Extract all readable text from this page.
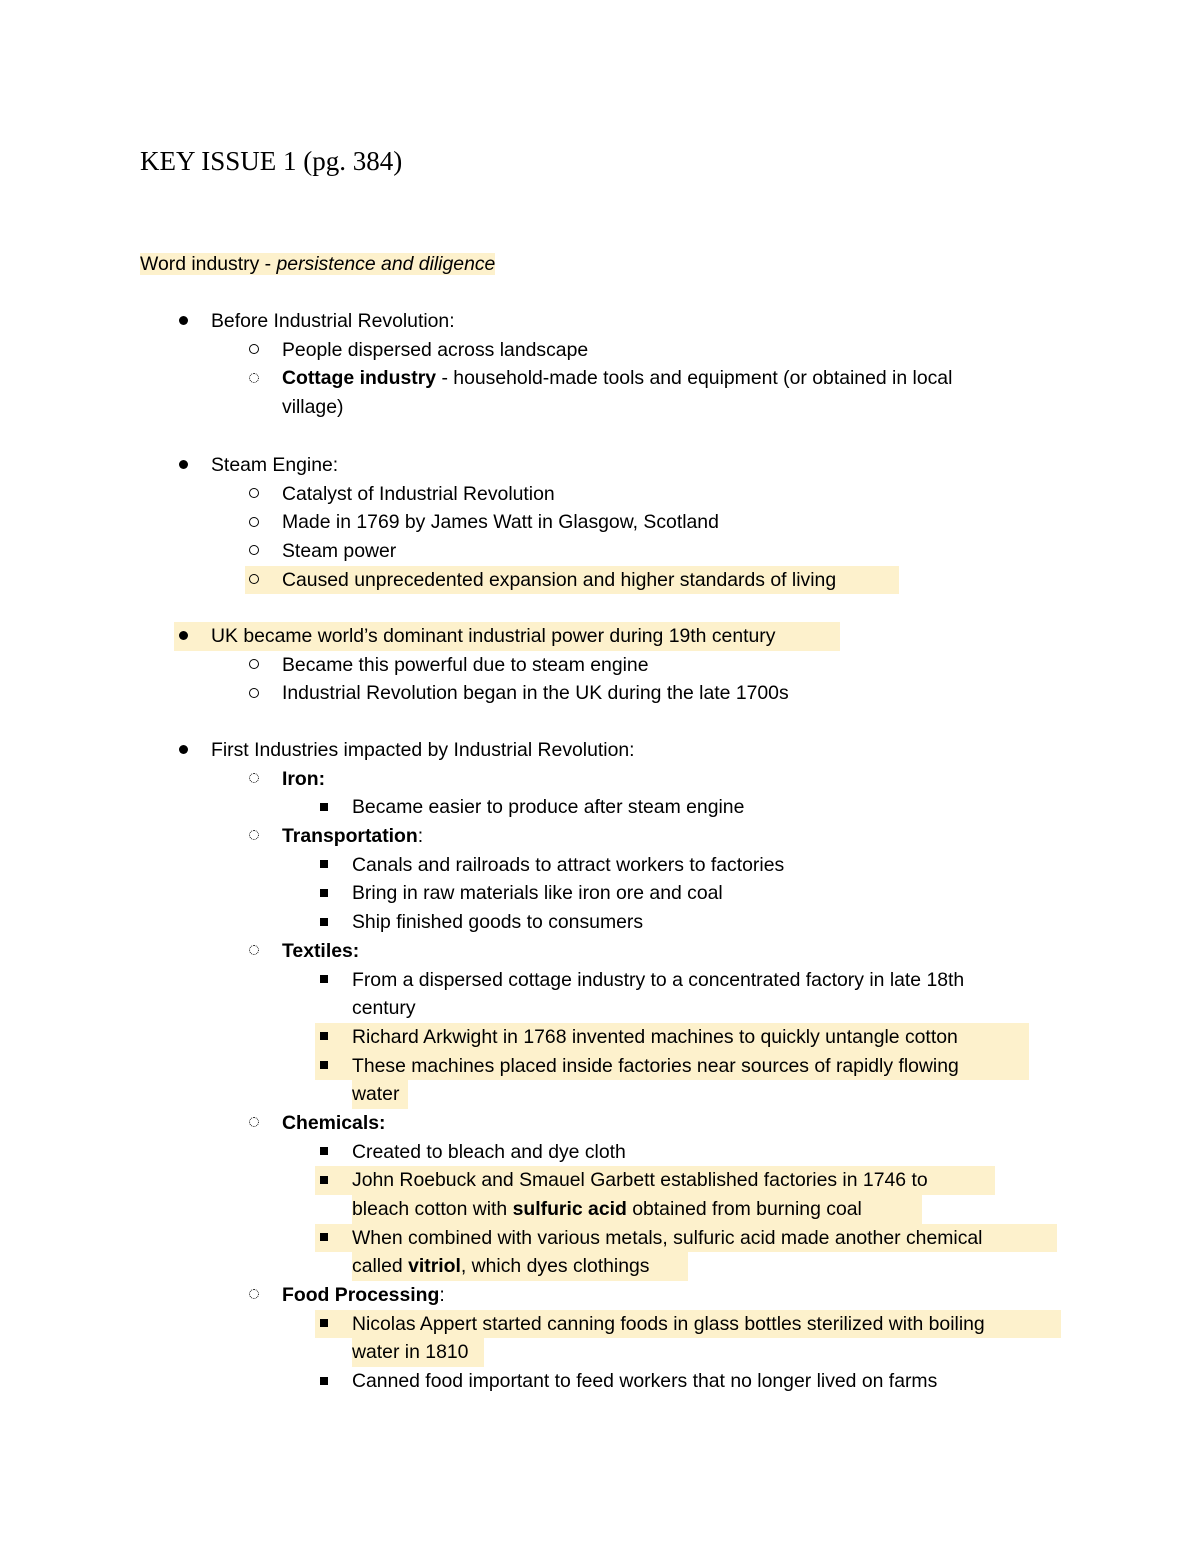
KEY ISSUE 1 (pg. 384)
Word industry - persistence and diligence
Before Industrial Revolution:
People dispersed across landscape
Cottage industry - household-made tools and equipment (or obtained in local
village)
Steam Engine:
Catalyst of Industrial Revolution
Made in 1769 by James Watt in Glasgow, Scotland
Steam power
Caused unprecedented expansion and higher standards of living
UK became world’s dominant industrial power during 19th century
Became this powerful due to steam engine
Industrial Revolution began in the UK during the late 1700s
First Industries impacted by Industrial Revolution:
Iron:
Became easier to produce after steam engine
Transportation:
Canals and railroads to attract workers to factories
Bring in raw materials like iron ore and coal
Ship finished goods to consumers
Textiles:
From a dispersed cottage industry to a concentrated factory in late 18th
century
Richard Arkwight in 1768 invented machines to quickly untangle cotton
These machines placed inside factories near sources of rapidly flowing
water
Chemicals:
Created to bleach and dye cloth
John Roebuck and Smauel Garbett established factories in 1746 to
bleach cotton with sulfuric acid obtained from burning coal
When combined with various metals, sulfuric acid made another chemical
called vitriol, which dyes clothings
Food Processing:
Nicolas Appert started canning foods in glass bottles sterilized with boiling
water in 1810
Canned food important to feed workers that no longer lived on farms
